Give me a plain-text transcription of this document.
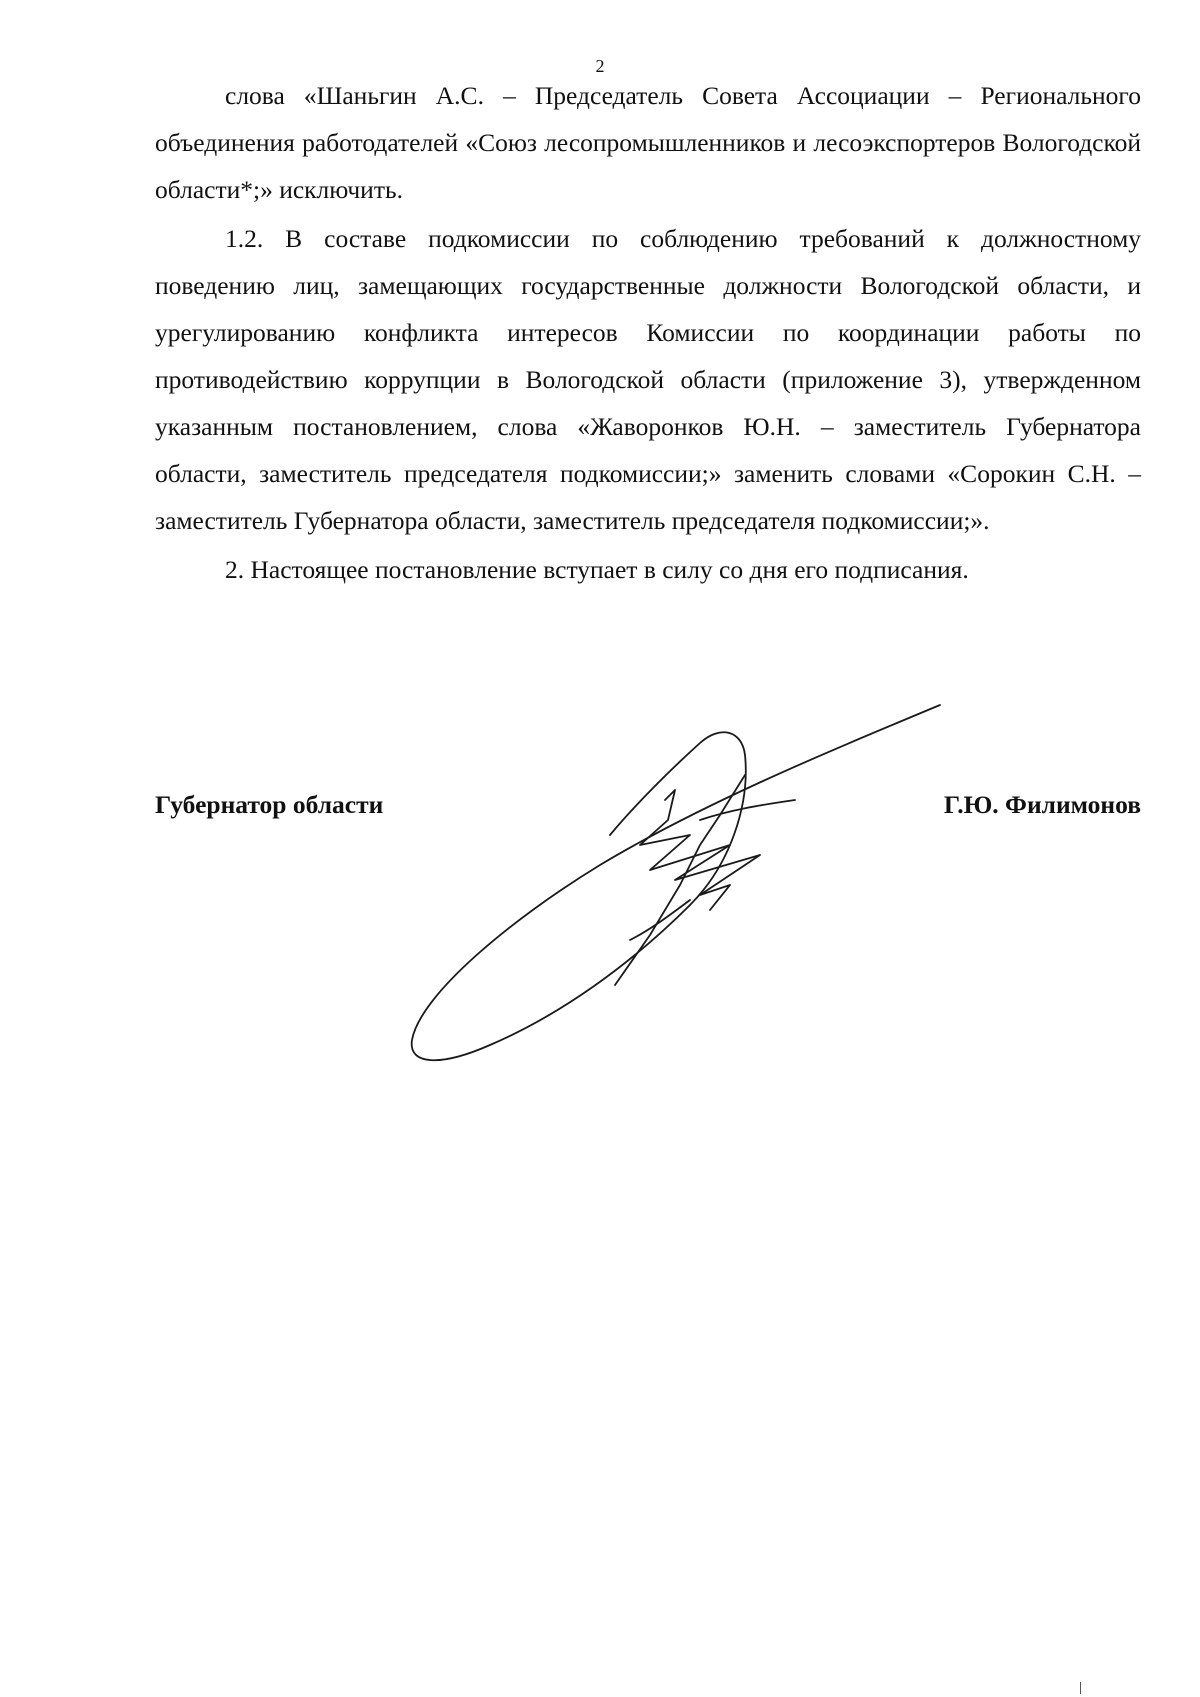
2

слова «Шаньгин А.С. – Председатель Совета Ассоциации – Регионального объединения работодателей «Союз лесопромышленников и лесоэкспортеров Вологодской области*;» исключить.

1.2. В составе подкомиссии по соблюдению требований к должностному поведению лиц, замещающих государственные должности Вологодской области, и урегулированию конфликта интересов Комиссии по координации работы по противодействию коррупции в Вологодской области (приложение 3), утвержденном указанным постановлением, слова «Жаворонков Ю.Н. – заместитель Губернатора области, заместитель председателя подкомиссии;» заменить словами «Сорокин С.Н. – заместитель Губернатора области, заместитель председателя подкомиссии;».

2. Настоящее постановление вступает в силу со дня его подписания.

Губернатор области	Г.Ю. Филимонов
